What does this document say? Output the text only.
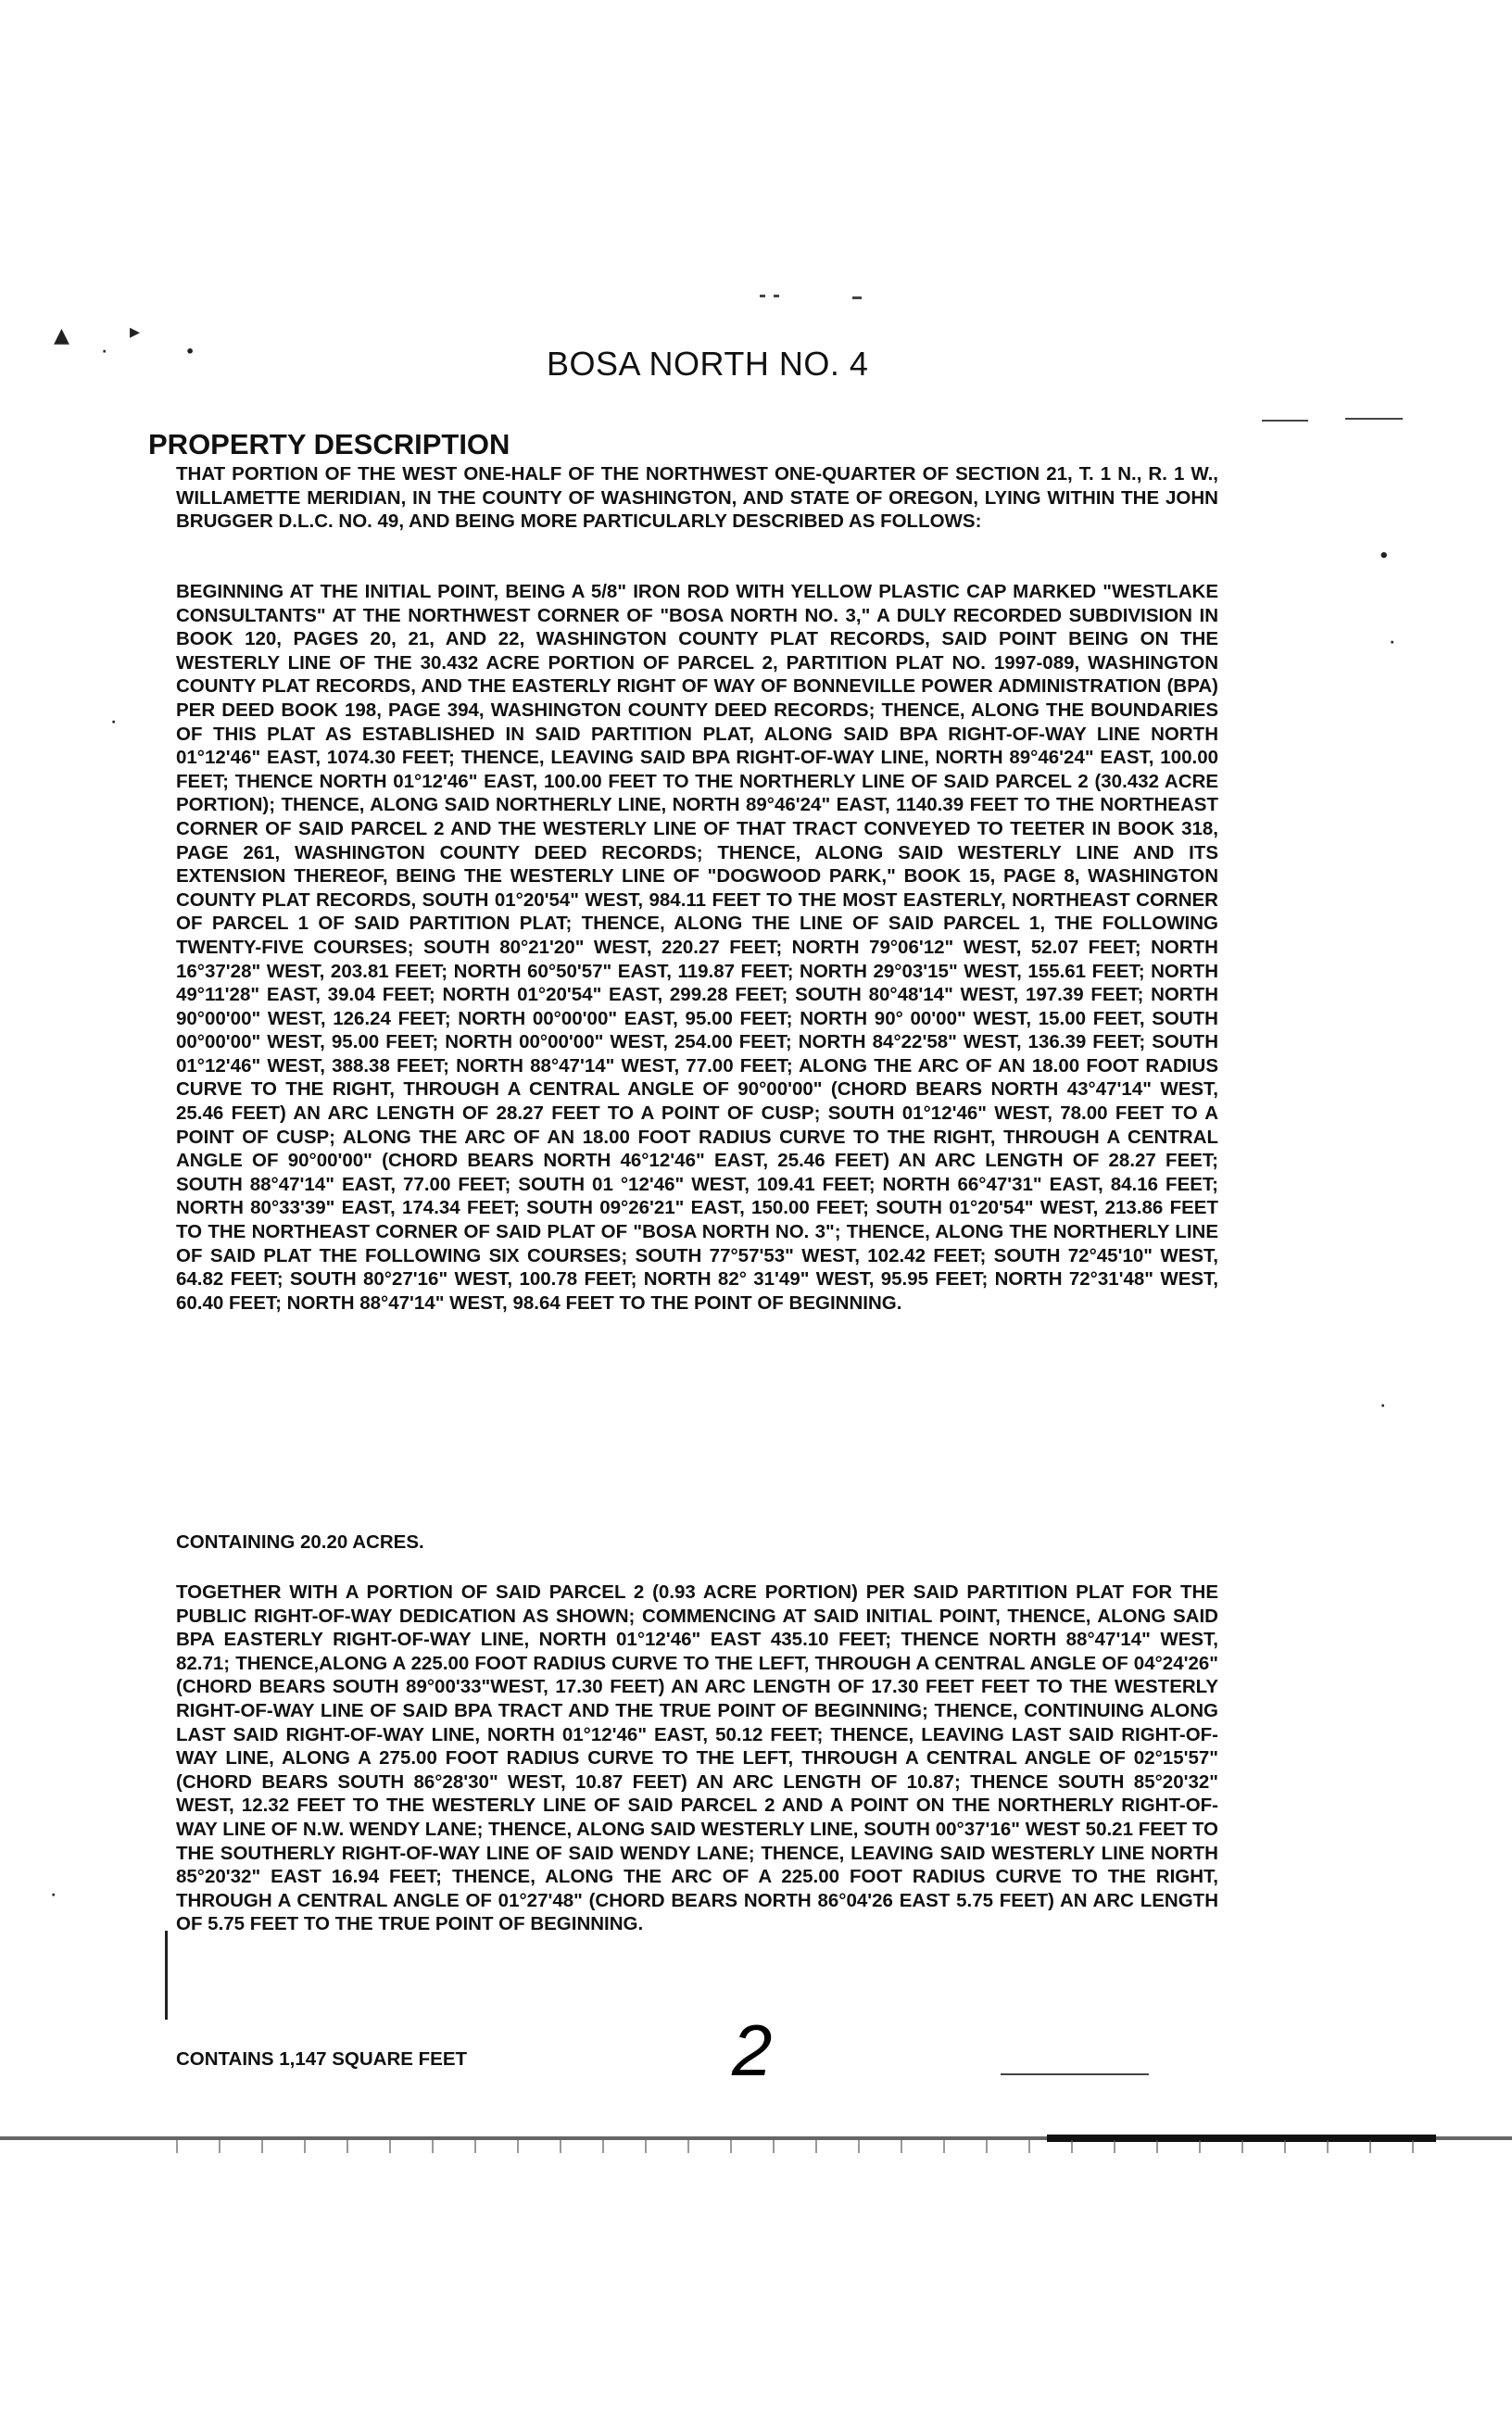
▲	▸
·	•
•
·
·
·
·
BOSA NORTH NO. 4
PROPERTY DESCRIPTION
THAT PORTION OF THE WEST ONE-HALF OF THE NORTHWEST ONE-QUARTER OF SECTION 21, T. 1 N., R. 1 W., WILLAMETTE MERIDIAN, IN THE COUNTY OF WASHINGTON, AND STATE OF OREGON, LYING WITHIN THE JOHN BRUGGER D.L.C. NO. 49, AND BEING MORE PARTICULARLY DESCRIBED AS FOLLOWS:
BEGINNING AT THE INITIAL POINT, BEING A 5/8" IRON ROD WITH YELLOW PLASTIC CAP MARKED "WESTLAKE CONSULTANTS" AT THE NORTHWEST CORNER OF "BOSA NORTH NO. 3," A DULY RECORDED SUBDIVISION IN BOOK 120, PAGES 20, 21, AND 22, WASHINGTON COUNTY PLAT RECORDS, SAID POINT BEING ON THE WESTERLY LINE OF THE 30.432 ACRE PORTION OF PARCEL 2, PARTITION PLAT NO. 1997-089, WASHINGTON COUNTY PLAT RECORDS, AND THE EASTERLY RIGHT OF WAY OF BONNEVILLE POWER ADMINISTRATION (BPA) PER DEED BOOK 198, PAGE 394, WASHINGTON COUNTY DEED RECORDS; THENCE, ALONG THE BOUNDARIES OF THIS PLAT AS ESTABLISHED IN SAID PARTITION PLAT, ALONG SAID BPA RIGHT-OF-WAY LINE NORTH 01°12'46" EAST, 1074.30 FEET; THENCE, LEAVING SAID BPA RIGHT-OF-WAY LINE, NORTH 89°46'24" EAST, 100.00 FEET; THENCE NORTH 01°12'46" EAST, 100.00 FEET TO THE NORTHERLY LINE OF SAID PARCEL 2 (30.432 ACRE PORTION); THENCE, ALONG SAID NORTHERLY LINE, NORTH 89°46'24" EAST, 1140.39 FEET TO THE NORTHEAST CORNER OF SAID PARCEL 2 AND THE WESTERLY LINE OF THAT TRACT CONVEYED TO TEETER IN BOOK 318, PAGE 261, WASHINGTON COUNTY DEED RECORDS; THENCE, ALONG SAID WESTERLY LINE AND ITS EXTENSION THEREOF, BEING THE WESTERLY LINE OF "DOGWOOD PARK," BOOK 15, PAGE 8, WASHINGTON COUNTY PLAT RECORDS, SOUTH 01°20'54" WEST, 984.11 FEET TO THE MOST EASTERLY, NORTHEAST CORNER OF PARCEL 1 OF SAID PARTITION PLAT; THENCE, ALONG THE LINE OF SAID PARCEL 1, THE FOLLOWING TWENTY-FIVE COURSES; SOUTH 80°21'20" WEST, 220.27 FEET; NORTH 79°06'12" WEST, 52.07 FEET; NORTH 16°37'28" WEST, 203.81 FEET; NORTH 60°50'57" EAST, 119.87 FEET; NORTH 29°03'15" WEST, 155.61 FEET; NORTH 49°11'28" EAST, 39.04 FEET; NORTH 01°20'54" EAST, 299.28 FEET; SOUTH 80°48'14" WEST, 197.39 FEET; NORTH 90°00'00" WEST, 126.24 FEET; NORTH 00°00'00" EAST, 95.00 FEET; NORTH 90° 00'00" WEST, 15.00 FEET, SOUTH 00°00'00" WEST, 95.00 FEET; NORTH 00°00'00" WEST, 254.00 FEET; NORTH 84°22'58" WEST, 136.39 FEET; SOUTH 01°12'46" WEST, 388.38 FEET; NORTH 88°47'14" WEST, 77.00 FEET; ALONG THE ARC OF AN 18.00 FOOT RADIUS CURVE TO THE RIGHT, THROUGH A CENTRAL ANGLE OF 90°00'00" (CHORD BEARS NORTH 43°47'14" WEST, 25.46 FEET) AN ARC LENGTH OF 28.27 FEET TO A POINT OF CUSP; SOUTH 01°12'46" WEST, 78.00 FEET TO A POINT OF CUSP; ALONG THE ARC OF AN 18.00 FOOT RADIUS CURVE TO THE RIGHT, THROUGH A CENTRAL ANGLE OF 90°00'00" (CHORD BEARS NORTH 46°12'46" EAST, 25.46 FEET) AN ARC LENGTH OF 28.27 FEET; SOUTH 88°47'14" EAST, 77.00 FEET; SOUTH 01 °12'46" WEST, 109.41 FEET; NORTH 66°47'31" EAST, 84.16 FEET; NORTH 80°33'39" EAST, 174.34 FEET; SOUTH 09°26'21" EAST, 150.00 FEET; SOUTH 01°20'54" WEST, 213.86 FEET TO THE NORTHEAST CORNER OF SAID PLAT OF "BOSA NORTH NO. 3"; THENCE, ALONG THE NORTHERLY LINE OF SAID PLAT THE FOLLOWING SIX COURSES; SOUTH 77°57'53" WEST, 102.42 FEET; SOUTH 72°45'10" WEST, 64.82 FEET; SOUTH 80°27'16" WEST, 100.78 FEET; NORTH 82° 31'49" WEST, 95.95 FEET; NORTH 72°31'48" WEST, 60.40 FEET; NORTH 88°47'14" WEST, 98.64 FEET TO THE POINT OF BEGINNING.
CONTAINING 20.20 ACRES.
TOGETHER WITH A PORTION OF SAID PARCEL 2 (0.93 ACRE PORTION) PER SAID PARTITION PLAT FOR THE PUBLIC RIGHT-OF-WAY DEDICATION AS SHOWN; COMMENCING AT SAID INITIAL POINT, THENCE, ALONG SAID BPA EASTERLY RIGHT-OF-WAY LINE, NORTH 01°12'46" EAST 435.10 FEET; THENCE NORTH 88°47'14" WEST, 82.71; THENCE,ALONG A 225.00 FOOT RADIUS CURVE TO THE LEFT, THROUGH A CENTRAL ANGLE OF 04°24'26" (CHORD BEARS SOUTH 89°00'33"WEST, 17.30 FEET) AN ARC LENGTH OF 17.30 FEET FEET TO THE WESTERLY RIGHT-OF-WAY LINE OF SAID BPA TRACT AND THE TRUE POINT OF BEGINNING; THENCE, CONTINUING ALONG LAST SAID RIGHT-OF-WAY LINE, NORTH 01°12'46" EAST, 50.12 FEET; THENCE, LEAVING LAST SAID RIGHT-OF-WAY LINE, ALONG A 275.00 FOOT RADIUS CURVE TO THE LEFT, THROUGH A CENTRAL ANGLE OF 02°15'57" (CHORD BEARS SOUTH 86°28'30" WEST, 10.87 FEET) AN ARC LENGTH OF 10.87; THENCE SOUTH 85°20'32" WEST, 12.32 FEET TO THE WESTERLY LINE OF SAID PARCEL 2 AND A POINT ON THE NORTHERLY RIGHT-OF-WAY LINE OF N.W. WENDY LANE; THENCE, ALONG SAID WESTERLY LINE, SOUTH 00°37'16" WEST 50.21 FEET TO THE SOUTHERLY RIGHT-OF-WAY LINE OF SAID WENDY LANE; THENCE, LEAVING SAID WESTERLY LINE NORTH 85°20'32" EAST 16.94 FEET; THENCE, ALONG THE ARC OF A 225.00 FOOT RADIUS CURVE TO THE RIGHT, THROUGH A CENTRAL ANGLE OF 01°27'48" (CHORD BEARS NORTH 86°04'26 EAST 5.75 FEET) AN ARC LENGTH OF 5.75 FEET TO THE TRUE POINT OF BEGINNING.
CONTAINS 1,147 SQUARE FEET	2
